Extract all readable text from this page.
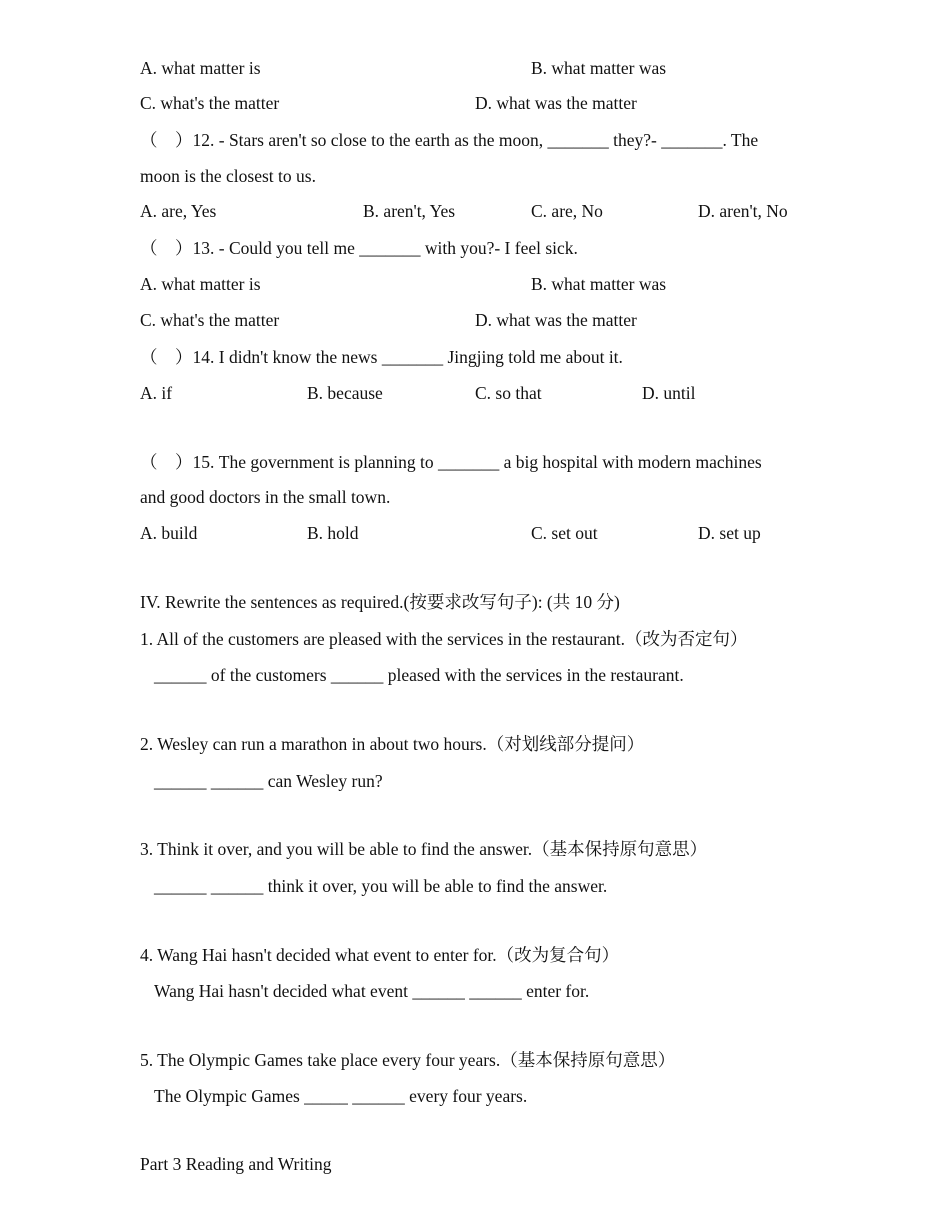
A. what matter is	B. what matter was
C. what's the matter	D. what was the matter
（    ）12. - Stars aren't so close to the earth as the moon, _______ they?- _______. The
moon is the closest to us.
A. are, Yes	B. aren't, Yes	C. are, No	D. aren't, No
（    ）13. - Could you tell me _______ with you?- I feel sick.
A. what matter is	B. what matter was
C. what's the matter	D. what was the matter
（    ）14. I didn't know the news _______ Jingjing told me about it.
A. if	B. because	C. so that	D. until
（    ）15. The government is planning to _______ a big hospital with modern machines
and good doctors in the small town.
A. build	B. hold	C. set out	D. set up
IV. Rewrite the sentences as required.(按要求改写句子): (共 10 分)
1. All of the customers are pleased with the services in the restaurant.（改为否定句）
______ of the customers ______ pleased with the services in the restaurant.
2. Wesley can run a marathon in about two hours.（对划线部分提问）
______ ______ can Wesley run?
3. Think it over, and you will be able to find the answer.（基本保持原句意思）
______ ______ think it over, you will be able to find the answer.
4. Wang Hai hasn't decided what event to enter for.（改为复合句）
Wang Hai hasn't decided what event ______ ______ enter for.
5. The Olympic Games take place every four years.（基本保持原句意思）
The Olympic Games _____ ______ every four years.
Part 3 Reading and Writing
